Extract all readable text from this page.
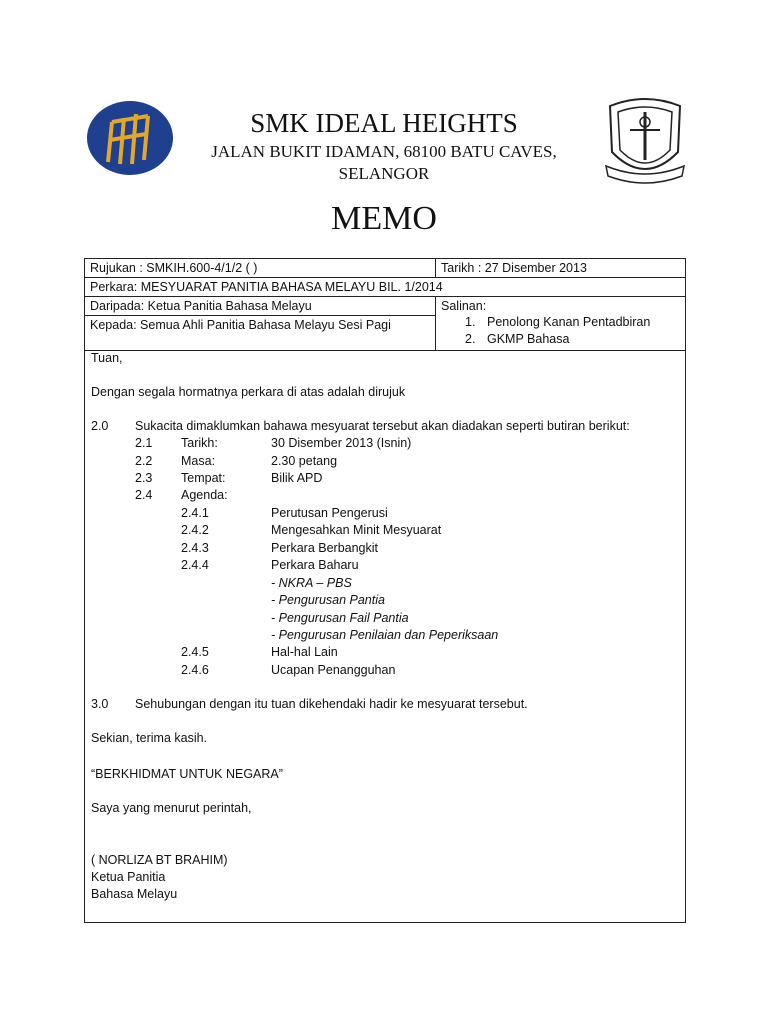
SMK IDEAL HEIGHTS
JALAN BUKIT IDAMAN, 68100 BATU CAVES,
SELANGOR
MEMO
Rujukan : SMKIH.600-4/1/2 ( )	Tarikh : 27 Disember 2013
Perkara: MESYUARAT PANITIA BAHASA MELAYU BIL. 1/2014	
Daripada: Ketua Panitia Bahasa Melayu	Salinan:
1. Penolong Kanan Pentadbiran
2. GKMP Bahasa

Kepada: Semua Ahli Panitia Bahasa Melayu Sesi Pagi	
Tuan,
Dengan segala hormatnya perkara di atas adalah dirujuk
2.0 Sukacita dimaklumkan bahawa mesyuarat tersebut akan diadakan seperti butiran berikut:
2.1 Tarikh:	30 Disember 2013 (Isnin)
2.2 Masa:	2.30 petang
2.3 Tempat:	Bilik APD
2.4 Agenda:
2.4.1	Perutusan Pengerusi
2.4.2	Mengesahkan Minit Mesyuarat
2.4.3	Perkara Berbangkit
2.4.4	Perkara Baharu
- NKRA – PBS
- Pengurusan Pantia
- Pengurusan Fail Pantia
- Pengurusan Penilaian dan Peperiksaan
2.4.5	Hal-hal Lain
2.4.6	Ucapan Penangguhan
3.0 Sehubungan dengan itu tuan dikehendaki hadir ke mesyuarat tersebut.
Sekian, terima kasih.
“BERKHIDMAT UNTUK NEGARA”
Saya yang menurut perintah,
( NORLIZA BT BRAHIM)
Ketua Panitia
Bahasa Melayu
